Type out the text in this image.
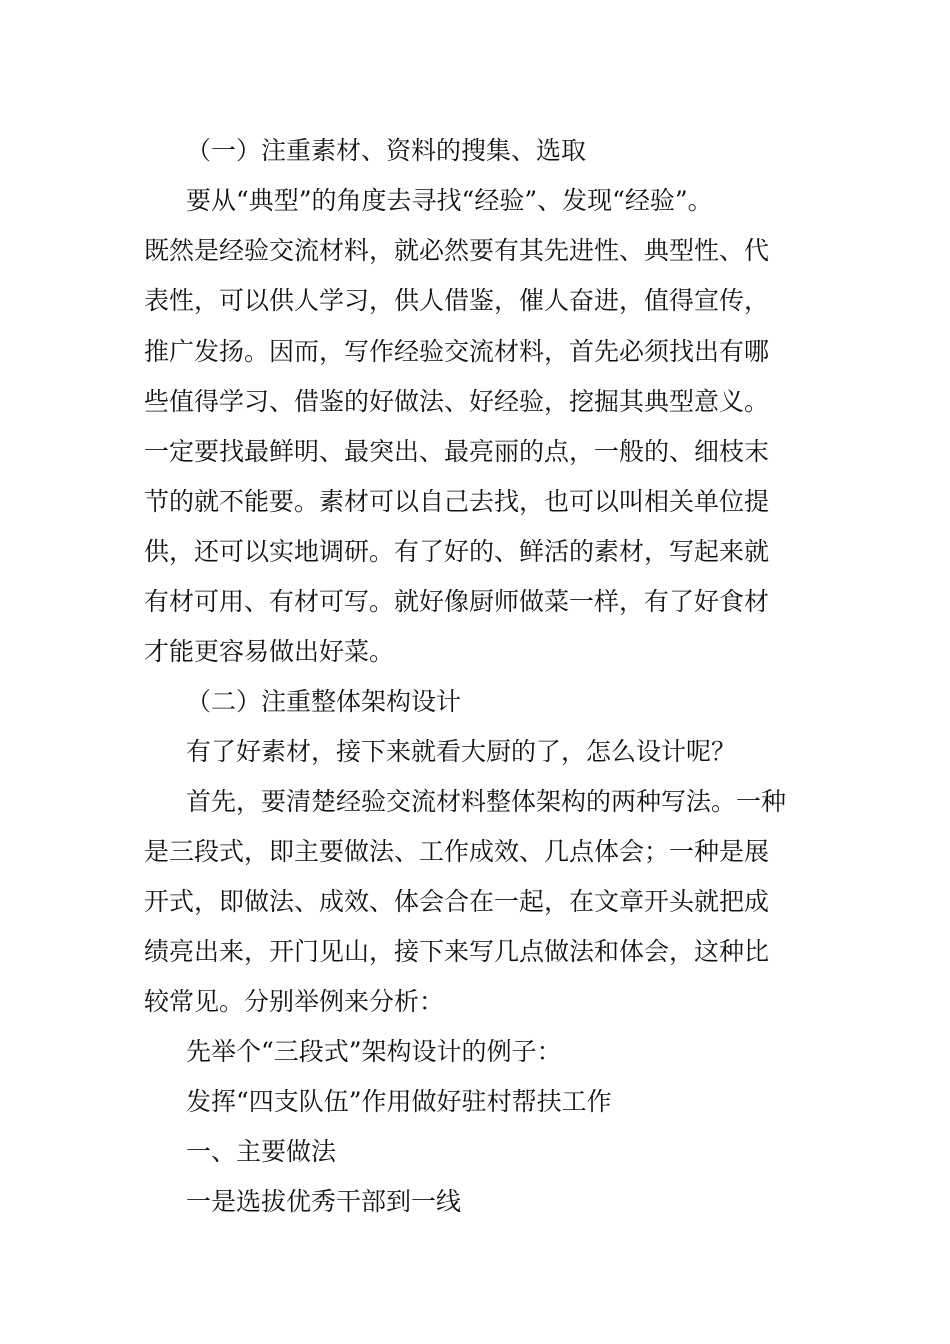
（一）注重素材、资料的搜集、选取
要从“典型”的角度去寻找“经验”、发现“经验”。
既然是经验交流材料，就必然要有其先进性、典型性、代
表性，可以供人学习，供人借鉴，催人奋进，值得宣传，
推广发扬。因而，写作经验交流材料，首先必须找出有哪
些值得学习、借鉴的好做法、好经验，挖掘其典型意义。
一定要找最鲜明、最突出、最亮丽的点，一般的、细枝末
节的就不能要。素材可以自己去找，也可以叫相关单位提
供，还可以实地调研。有了好的、鲜活的素材，写起来就
有材可用、有材可写。就好像厨师做菜一样，有了好食材
才能更容易做出好菜。
（二）注重整体架构设计
有了好素材，接下来就看大厨的了，怎么设计呢？
首先，要清楚经验交流材料整体架构的两种写法。一种
是三段式，即主要做法、工作成效、几点体会；一种是展
开式，即做法、成效、体会合在一起，在文章开头就把成
绩亮出来，开门见山，接下来写几点做法和体会，这种比
较常见。分别举例来分析：
先举个“三段式”架构设计的例子：
发挥“四支队伍”作用做好驻村帮扶工作
一、主要做法
一是选拔优秀干部到一线
